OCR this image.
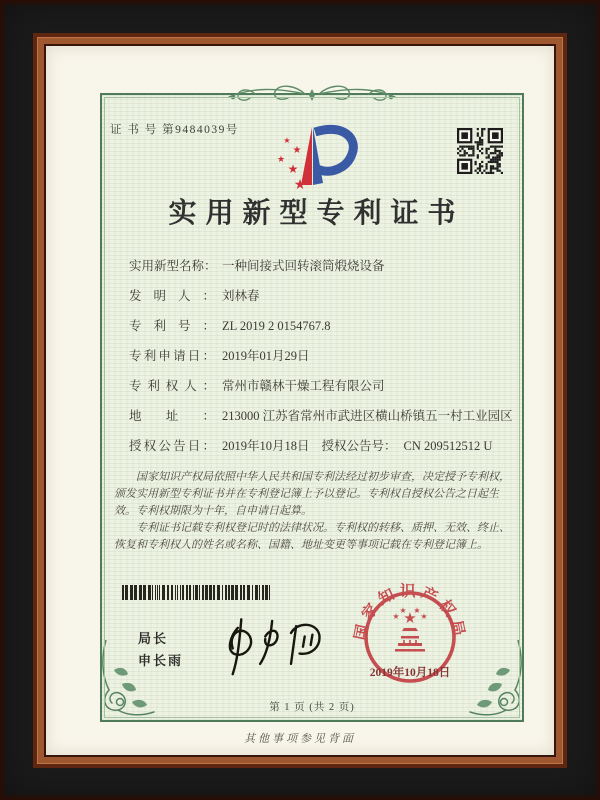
证 书 号 第9484039号
★
★
★
★
★
实用新型专利证书
实用新型名称： 一种间接式回转滚筒煅烧设备
发明人： 刘林春
专利号： ZL 2019 2 0154767.8
专利申请日： 2019年01月29日
专利权人： 常州市赣林干燥工程有限公司
地址： 213000 江苏省常州市武进区横山桥镇五一村工业园区
授权公告日： 2019年10月18日 授权公告号： CN 209512512 U

国家知识产权局依照中华人民共和国专利法经过初步审查，决定授予专利权，颁发实用新型专利证书并在专利登记簿上予以登记。专利权自授权公告之日起生效。专利权期限为十年，自申请日起算。

专利证书记载专利权登记时的法律状况。专利权的转移、质押、无效、终止、恢复和专利权人的姓名或名称、国籍、地址变更等事项记载在专利登记簿上。

局长
申长雨
国家知识产权局
★
★
★ ★
★
2019年10月18日
第 1 页 (共 2 页)
其他事项参见背面
